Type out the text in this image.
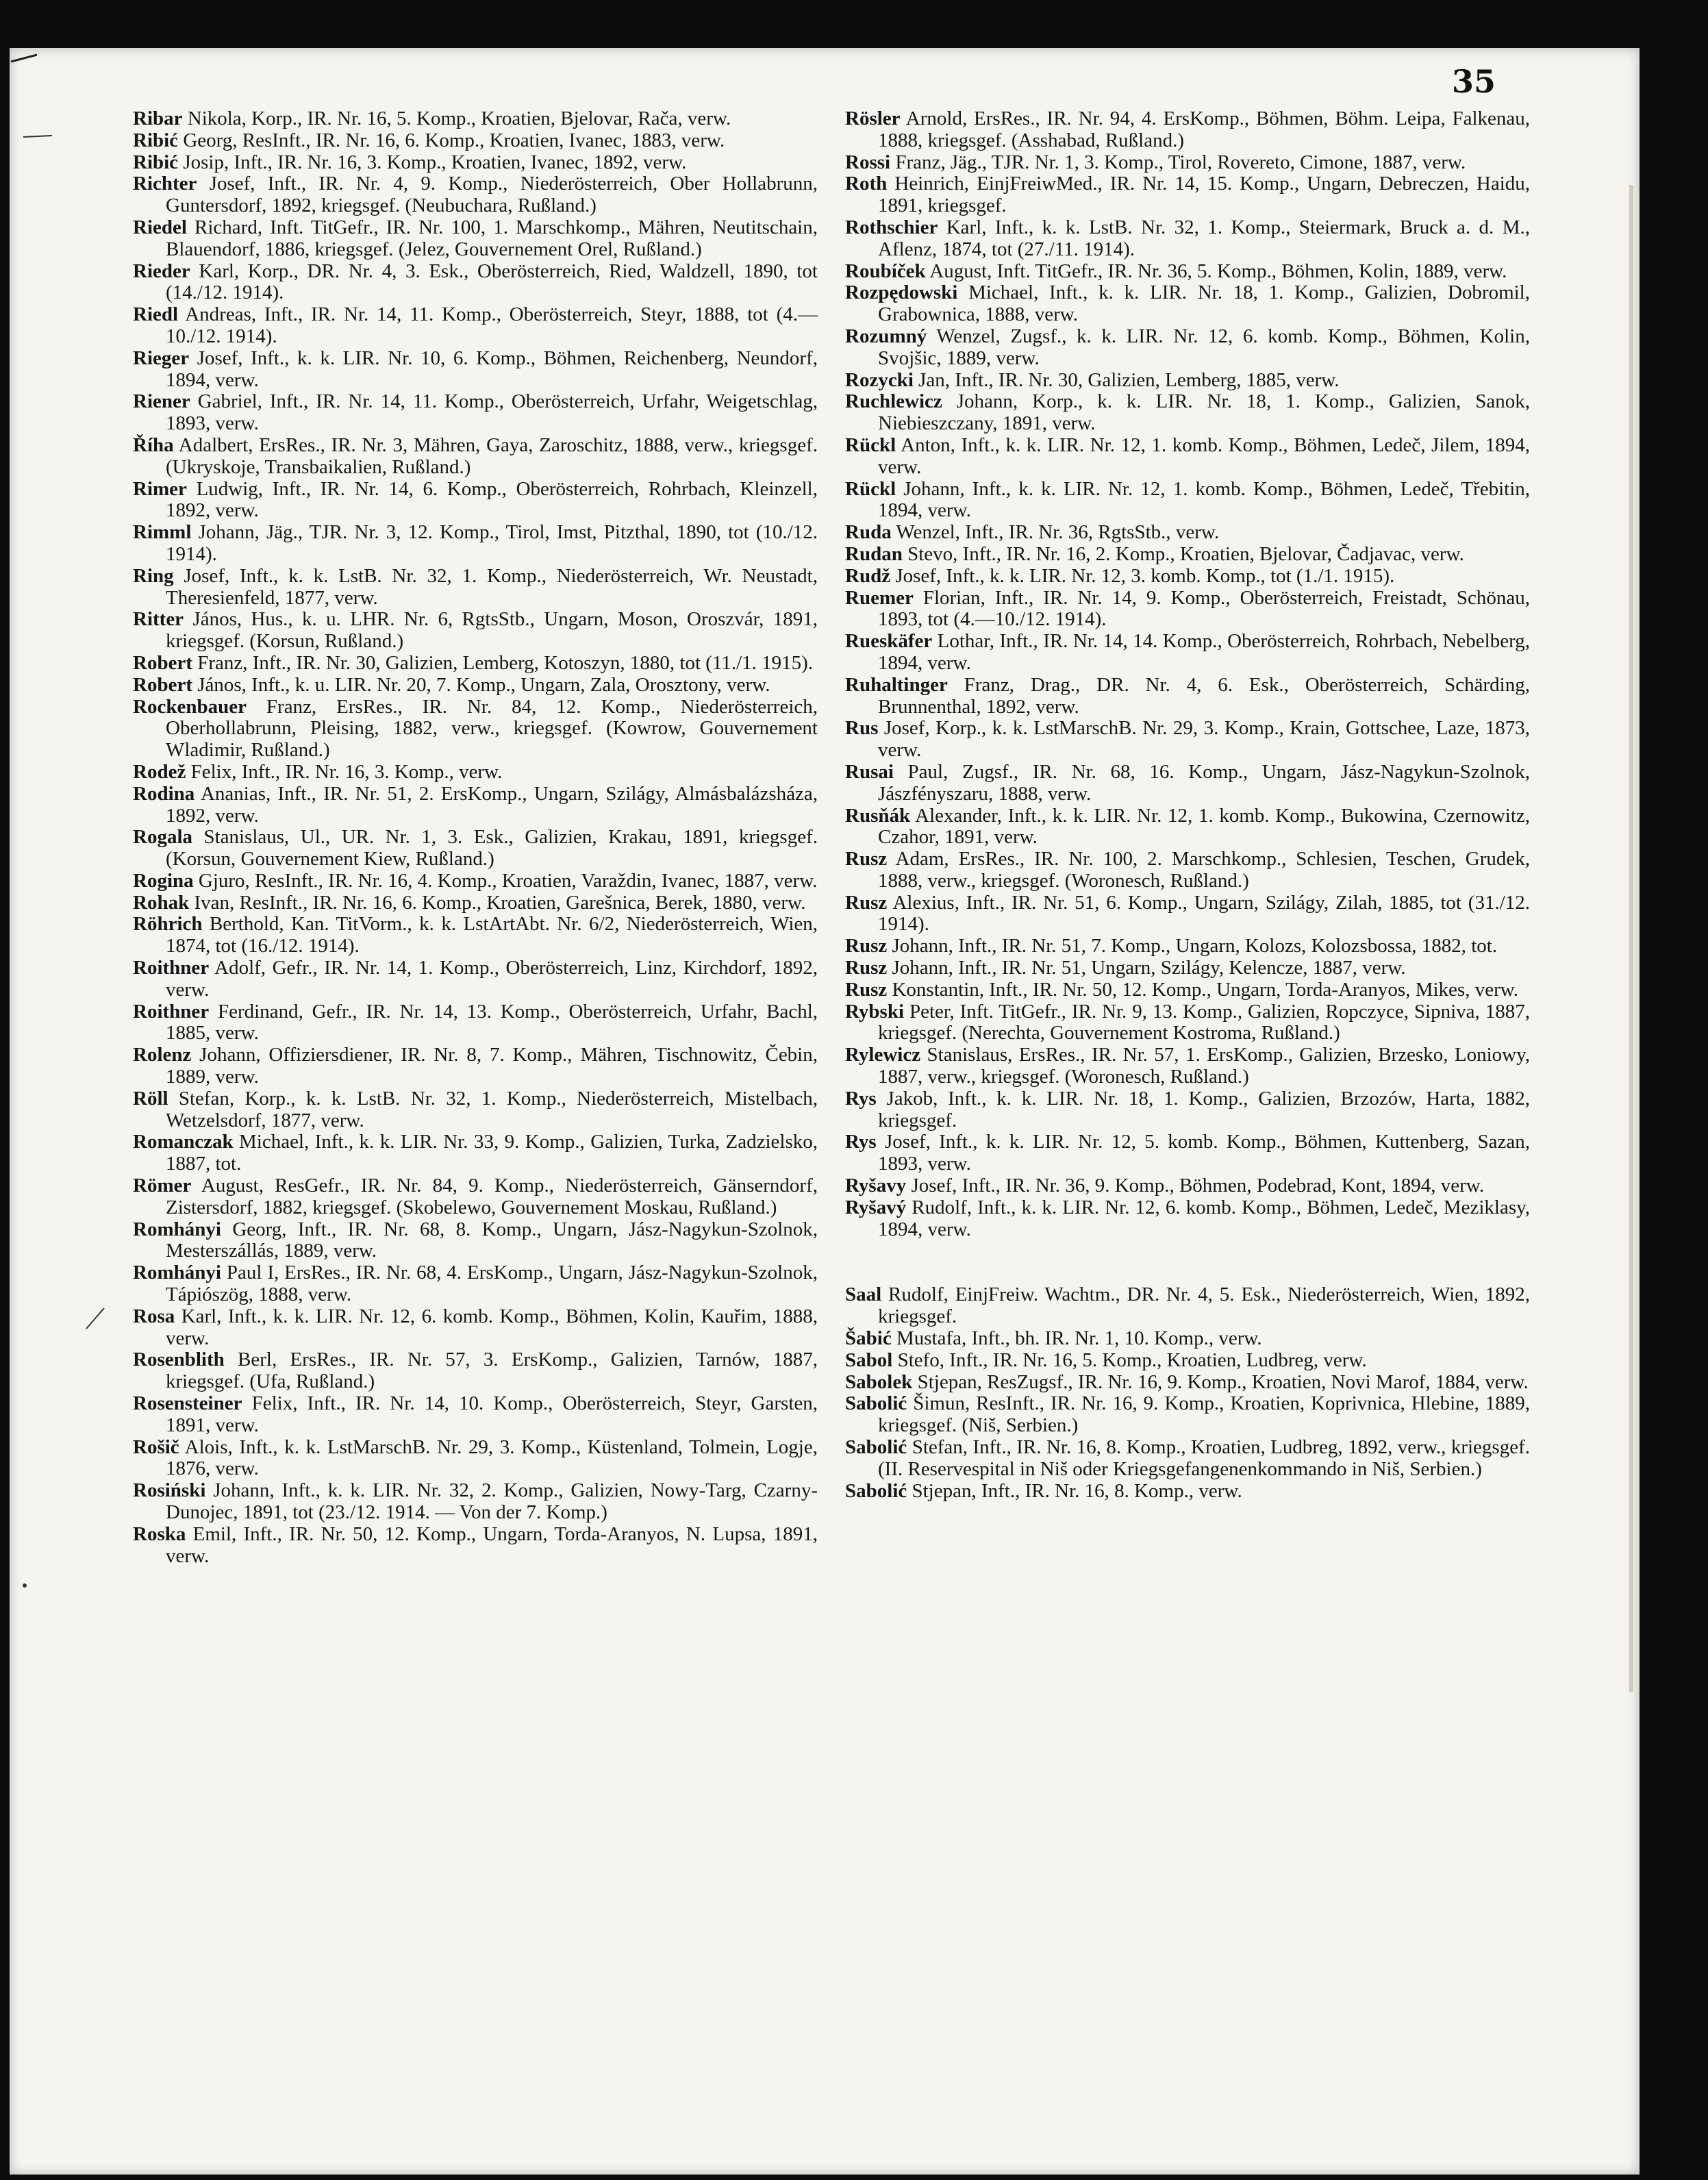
35

Ribar Nikola, Korp., IR. Nr. 16, 5. Komp., Kroatien, Bjelovar, Rača, verw.

Ribić Georg, ResInft., IR. Nr. 16, 6. Komp., Kroatien, Ivanec, 1883, verw.

Ribić Josip, Inft., IR. Nr. 16, 3. Komp., Kroatien, Ivanec, 1892, verw.

Richter Josef, Inft., IR. Nr. 4, 9. Komp., Niederösterreich, Ober Hollabrunn, Guntersdorf, 1892, kriegsgef. (Neubuchara, Rußland.)

Riedel Richard, Inft. TitGefr., IR. Nr. 100, 1. Marschkomp., Mähren, Neutitschain, Blauendorf, 1886, kriegsgef. (Jelez, Gouvernement Orel, Rußland.)

Rieder Karl, Korp., DR. Nr. 4, 3. Esk., Oberösterreich, Ried, Waldzell, 1890, tot (14./12. 1914).

Riedl Andreas, Inft., IR. Nr. 14, 11. Komp., Oberösterreich, Steyr, 1888, tot (4.—10./12. 1914).

Rieger Josef, Inft., k. k. LIR. Nr. 10, 6. Komp., Böhmen, Reichenberg, Neundorf, 1894, verw.

Riener Gabriel, Inft., IR. Nr. 14, 11. Komp., Oberösterreich, Urfahr, Weigetschlag, 1893, verw.

Říha Adalbert, ErsRes., IR. Nr. 3, Mähren, Gaya, Zaroschitz, 1888, verw., kriegsgef. (Ukryskoje, Transbaikalien, Rußland.)

Rimer Ludwig, Inft., IR. Nr. 14, 6. Komp., Oberösterreich, Rohrbach, Kleinzell, 1892, verw.

Rimml Johann, Jäg., TJR. Nr. 3, 12. Komp., Tirol, Imst, Pitzthal, 1890, tot (10./12. 1914).

Ring Josef, Inft., k. k. LstB. Nr. 32, 1. Komp., Niederösterreich, Wr. Neustadt, Theresienfeld, 1877, verw.

Ritter János, Hus., k. u. LHR. Nr. 6, RgtsStb., Ungarn, Moson, Oroszvár, 1891, kriegsgef. (Korsun, Rußland.)

Robert Franz, Inft., IR. Nr. 30, Galizien, Lemberg, Kotoszyn, 1880, tot (11./1. 1915).

Robert János, Inft., k. u. LIR. Nr. 20, 7. Komp., Ungarn, Zala, Orosztony, verw.

Rockenbauer Franz, ErsRes., IR. Nr. 84, 12. Komp., Niederösterreich, Oberhollabrunn, Pleising, 1882, verw., kriegsgef. (Kowrow, Gouvernement Wladimir, Rußland.)

Rodež Felix, Inft., IR. Nr. 16, 3. Komp., verw.

Rodina Ananias, Inft., IR. Nr. 51, 2. ErsKomp., Ungarn, Szilágy, Almásbalázsháza, 1892, verw.

Rogala Stanislaus, Ul., UR. Nr. 1, 3. Esk., Galizien, Krakau, 1891, kriegsgef. (Korsun, Gouvernement Kiew, Rußland.)

Rogina Gjuro, ResInft., IR. Nr. 16, 4. Komp., Kroatien, Varaždin, Ivanec, 1887, verw.

Rohak Ivan, ResInft., IR. Nr. 16, 6. Komp., Kroatien, Garešnica, Berek, 1880, verw.

Röhrich Berthold, Kan. TitVorm., k. k. LstArtAbt. Nr. 6/2, Niederösterreich, Wien, 1874, tot (16./12. 1914).

Roithner Adolf, Gefr., IR. Nr. 14, 1. Komp., Oberösterreich, Linz, Kirchdorf, 1892, verw.

Roithner Ferdinand, Gefr., IR. Nr. 14, 13. Komp., Oberösterreich, Urfahr, Bachl, 1885, verw.

Rolenz Johann, Offiziersdiener, IR. Nr. 8, 7. Komp., Mähren, Tischnowitz, Čebin, 1889, verw.

Röll Stefan, Korp., k. k. LstB. Nr. 32, 1. Komp., Niederösterreich, Mistelbach, Wetzelsdorf, 1877, verw.

Romanczak Michael, Inft., k. k. LIR. Nr. 33, 9. Komp., Galizien, Turka, Zadzielsko, 1887, tot.

Römer August, ResGefr., IR. Nr. 84, 9. Komp., Niederösterreich, Gänserndorf, Zistersdorf, 1882, kriegsgef. (Skobelewo, Gouvernement Moskau, Rußland.)

Romhányi Georg, Inft., IR. Nr. 68, 8. Komp., Ungarn, Jász-Nagykun-Szolnok, Mesterszállás, 1889, verw.

Romhányi Paul I, ErsRes., IR. Nr. 68, 4. ErsKomp., Ungarn, Jász-Nagykun-Szolnok, Tápiószög, 1888, verw.

Rosa Karl, Inft., k. k. LIR. Nr. 12, 6. komb. Komp., Böhmen, Kolin, Kauřim, 1888, verw.

Rosenblith Berl, ErsRes., IR. Nr. 57, 3. ErsKomp., Galizien, Tarnów, 1887, kriegsgef. (Ufa, Rußland.)

Rosensteiner Felix, Inft., IR. Nr. 14, 10. Komp., Oberösterreich, Steyr, Garsten, 1891, verw.

Rošič Alois, Inft., k. k. LstMarschB. Nr. 29, 3. Komp., Küstenland, Tolmein, Logje, 1876, verw.

Rosiński Johann, Inft., k. k. LIR. Nr. 32, 2. Komp., Galizien, Nowy-Targ, Czarny-Dunojec, 1891, tot (23./12. 1914. — Von der 7. Komp.)

Roska Emil, Inft., IR. Nr. 50, 12. Komp., Ungarn, Torda-Aranyos, N. Lupsa, 1891, verw.

Rösler Arnold, ErsRes., IR. Nr. 94, 4. ErsKomp., Böhmen, Böhm. Leipa, Falkenau, 1888, kriegsgef. (Asshabad, Rußland.)

Rossi Franz, Jäg., TJR. Nr. 1, 3. Komp., Tirol, Rovereto, Cimone, 1887, verw.

Roth Heinrich, EinjFreiwMed., IR. Nr. 14, 15. Komp., Ungarn, Debreczen, Haidu, 1891, kriegsgef.

Rothschier Karl, Inft., k. k. LstB. Nr. 32, 1. Komp., Steiermark, Bruck a. d. M., Aflenz, 1874, tot (27./11. 1914).

Roubíček August, Inft. TitGefr., IR. Nr. 36, 5. Komp., Böhmen, Kolin, 1889, verw.

Rozpędowski Michael, Inft., k. k. LIR. Nr. 18, 1. Komp., Galizien, Dobromil, Grabownica, 1888, verw.

Rozumný Wenzel, Zugsf., k. k. LIR. Nr. 12, 6. komb. Komp., Böhmen, Kolin, Svojšic, 1889, verw.

Rozycki Jan, Inft., IR. Nr. 30, Galizien, Lemberg, 1885, verw.

Ruchlewicz Johann, Korp., k. k. LIR. Nr. 18, 1. Komp., Galizien, Sanok, Niebieszczany, 1891, verw.

Rückl Anton, Inft., k. k. LIR. Nr. 12, 1. komb. Komp., Böhmen, Ledeč, Jilem, 1894, verw.

Rückl Johann, Inft., k. k. LIR. Nr. 12, 1. komb. Komp., Böhmen, Ledeč, Třebitin, 1894, verw.

Ruda Wenzel, Inft., IR. Nr. 36, RgtsStb., verw.

Rudan Stevo, Inft., IR. Nr. 16, 2. Komp., Kroatien, Bjelovar, Čadjavac, verw.

Rudž Josef, Inft., k. k. LIR. Nr. 12, 3. komb. Komp., tot (1./1. 1915).

Ruemer Florian, Inft., IR. Nr. 14, 9. Komp., Oberösterreich, Freistadt, Schönau, 1893, tot (4.—10./12. 1914).

Rueskäfer Lothar, Inft., IR. Nr. 14, 14. Komp., Oberösterreich, Rohrbach, Nebelberg, 1894, verw.

Ruhaltinger Franz, Drag., DR. Nr. 4, 6. Esk., Oberösterreich, Schärding, Brunnenthal, 1892, verw.

Rus Josef, Korp., k. k. LstMarschB. Nr. 29, 3. Komp., Krain, Gottschee, Laze, 1873, verw.

Rusai Paul, Zugsf., IR. Nr. 68, 16. Komp., Ungarn, Jász-Nagykun-Szolnok, Jászfényszaru, 1888, verw.

Rusňák Alexander, Inft., k. k. LIR. Nr. 12, 1. komb. Komp., Bukowina, Czernowitz, Czahor, 1891, verw.

Rusz Adam, ErsRes., IR. Nr. 100, 2. Marschkomp., Schlesien, Teschen, Grudek, 1888, verw., kriegsgef. (Woronesch, Rußland.)

Rusz Alexius, Inft., IR. Nr. 51, 6. Komp., Ungarn, Szilágy, Zilah, 1885, tot (31./12. 1914).

Rusz Johann, Inft., IR. Nr. 51, 7. Komp., Ungarn, Kolozs, Kolozsbossa, 1882, tot.

Rusz Johann, Inft., IR. Nr. 51, Ungarn, Szilágy, Kelencze, 1887, verw.

Rusz Konstantin, Inft., IR. Nr. 50, 12. Komp., Ungarn, Torda-Aranyos, Mikes, verw.

Rybski Peter, Inft. TitGefr., IR. Nr. 9, 13. Komp., Galizien, Ropczyce, Sipniva, 1887, kriegsgef. (Nerechta, Gouvernement Kostroma, Rußland.)

Rylewicz Stanislaus, ErsRes., IR. Nr. 57, 1. ErsKomp., Galizien, Brzesko, Loniowy, 1887, verw., kriegsgef. (Woronesch, Rußland.)

Rys Jakob, Inft., k. k. LIR. Nr. 18, 1. Komp., Galizien, Brzozów, Harta, 1882, kriegsgef.

Rys Josef, Inft., k. k. LIR. Nr. 12, 5. komb. Komp., Böhmen, Kuttenberg, Sazan, 1893, verw.

Ryšavy Josef, Inft., IR. Nr. 36, 9. Komp., Böhmen, Podebrad, Kont, 1894, verw.

Ryšavý Rudolf, Inft., k. k. LIR. Nr. 12, 6. komb. Komp., Böhmen, Ledeč, Meziklasy, 1894, verw.

Saal Rudolf, EinjFreiw. Wachtm., DR. Nr. 4, 5. Esk., Niederösterreich, Wien, 1892, kriegsgef.

Šabić Mustafa, Inft., bh. IR. Nr. 1, 10. Komp., verw.

Sabol Stefo, Inft., IR. Nr. 16, 5. Komp., Kroatien, Ludbreg, verw.

Sabolek Stjepan, ResZugsf., IR. Nr. 16, 9. Komp., Kroatien, Novi Marof, 1884, verw.

Sabolić Šimun, ResInft., IR. Nr. 16, 9. Komp., Kroatien, Koprivnica, Hlebine, 1889, kriegsgef. (Niš, Serbien.)

Sabolić Stefan, Inft., IR. Nr. 16, 8. Komp., Kroatien, Ludbreg, 1892, verw., kriegsgef. (II. Reservespital in Niš oder Kriegsgefangenenkommando in Niš, Serbien.)

Sabolić Stjepan, Inft., IR. Nr. 16, 8. Komp., verw.
